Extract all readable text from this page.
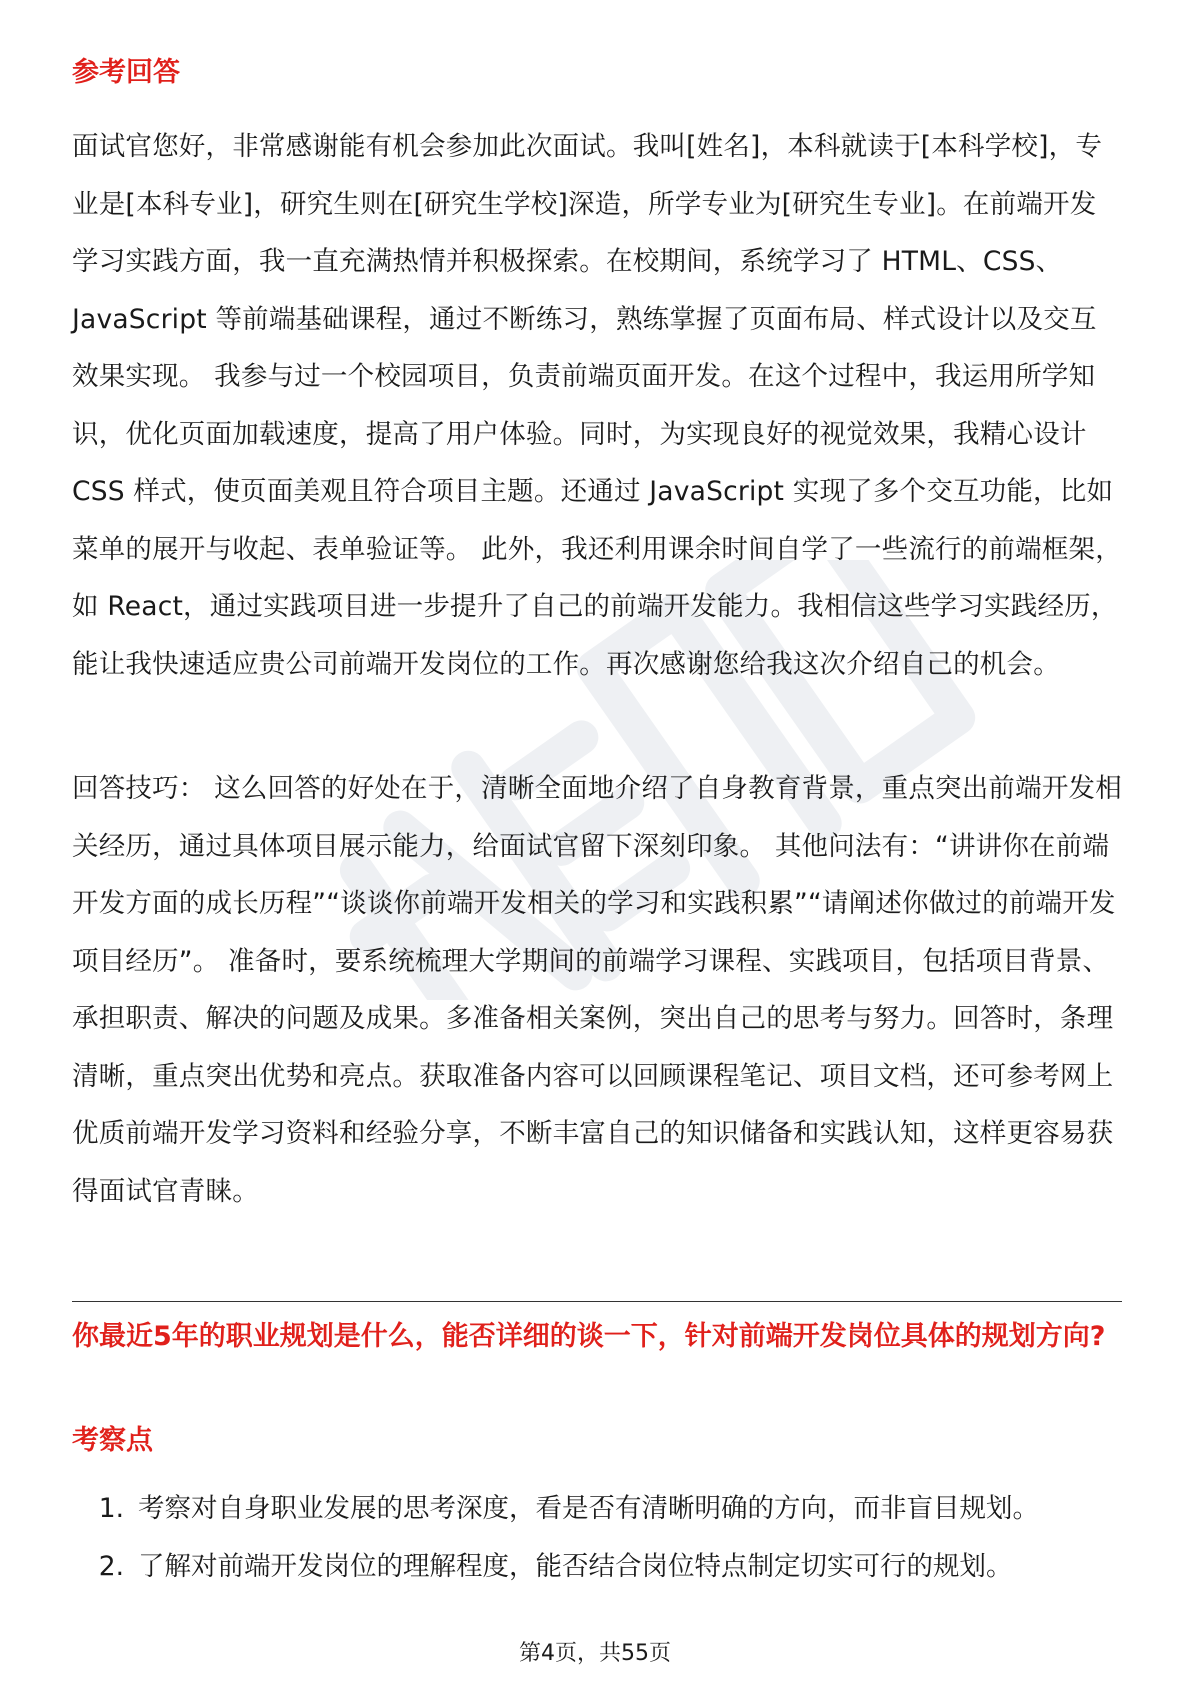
参考回答

面试官您好，非常感谢能有机会参加此次面试。我叫[姓名]，本科就读于[本科学校]，专业是[本科专业]，研究生则在[研究生学校]深造，所学专业为[研究生专业]。在前端开发学习实践方面，我一直充满热情并积极探索。在校期间，系统学习了 HTML、CSS、JavaScript 等前端基础课程，通过不断练习，熟练掌握了页面布局、样式设计以及交互效果实现。 我参与过一个校园项目，负责前端页面开发。在这个过程中，我运用所学知识，优化页面加载速度，提高了用户体验。同时，为实现良好的视觉效果，我精心设计 CSS 样式，使页面美观且符合项目主题。还通过 JavaScript 实现了多个交互功能，比如菜单的展开与收起、表单验证等。 此外，我还利用课余时间自学了一些流行的前端框架，如 React，通过实践项目进一步提升了自己的前端开发能力。我相信这些学习实践经历，能让我快速适应贵公司前端开发岗位的工作。再次感谢您给我这次介绍自己的机会。

回答技巧： 这么回答的好处在于，清晰全面地介绍了自身教育背景，重点突出前端开发相关经历，通过具体项目展示能力，给面试官留下深刻印象。 其他问法有：“讲讲你在前端开发方面的成长历程”“谈谈你前端开发相关的学习和实践积累”“请阐述你做过的前端开发项目经历”。 准备时，要系统梳理大学期间的前端学习课程、实践项目，包括项目背景、承担职责、解决的问题及成果。多准备相关案例，突出自己的思考与努力。回答时，条理清晰，重点突出优势和亮点。获取准备内容可以回顾课程笔记、项目文档，还可参考网上优质前端开发学习资料和经验分享，不断丰富自己的知识储备和实践认知，这样更容易获得面试官青睐。

你最近5年的职业规划是什么，能否详细的谈一下，针对前端开发岗位具体的规划方向?

考察点
1. 考察对自身职业发展的思考深度，看是否有清晰明确的方向，而非盲目规划。
2. 了解对前端开发岗位的理解程度，能否结合岗位特点制定切实可行的规划。
第4页，共55页
